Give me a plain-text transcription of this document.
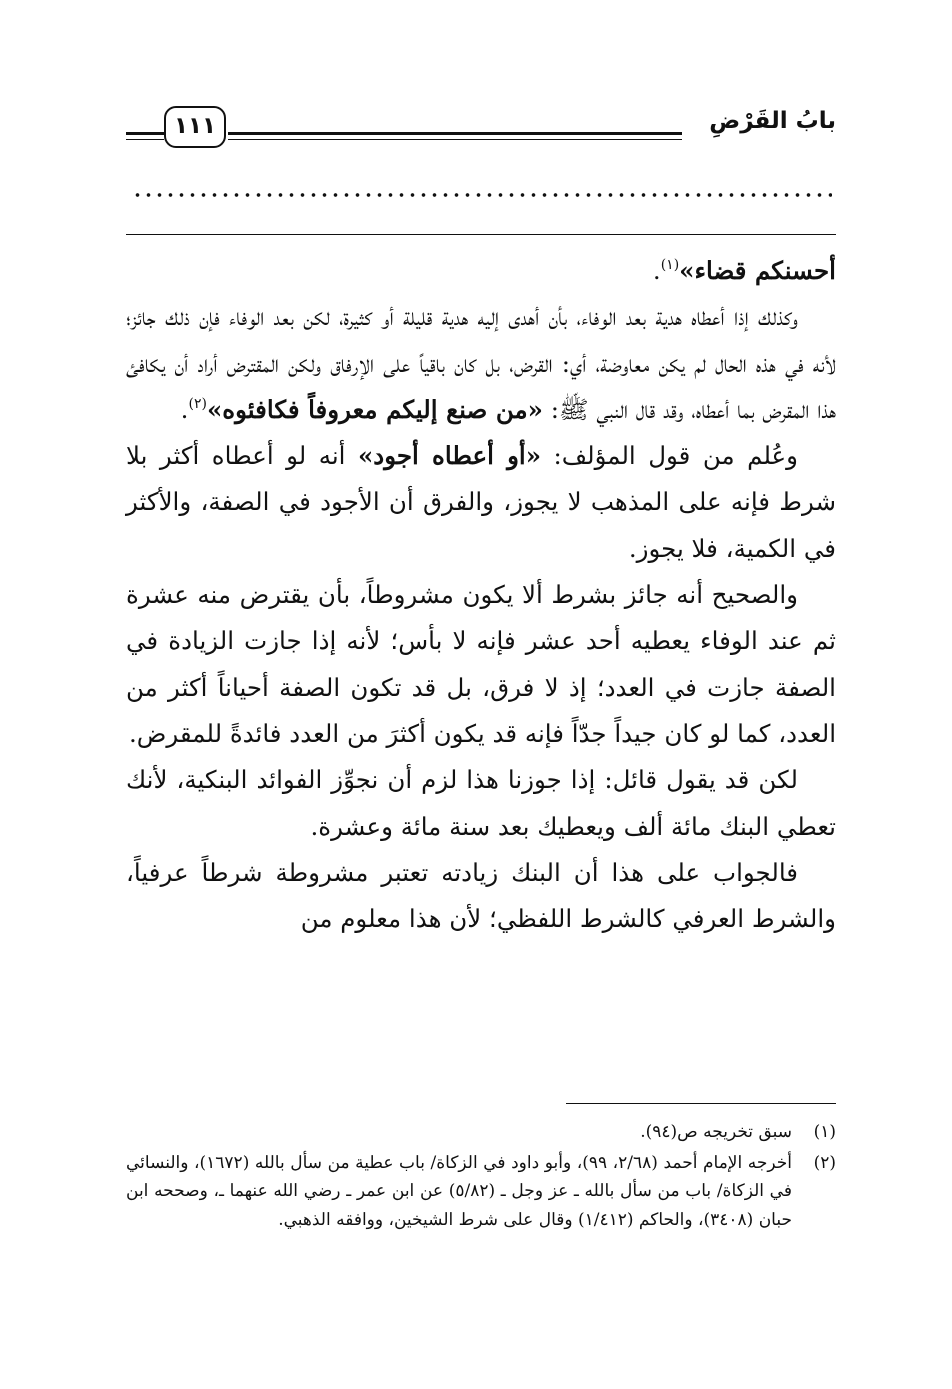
بابُ القَرْضِ
١١١

أحسنكم قضاء»$^{(١)}$.

وكذلك إذا أعطاه هدية بعد الوفاء، بأن أهدى إليه هدية قليلة أو كثيرة، لكن بعد الوفاء فإن ذلك جائز؛ لأنه في هذه الحال لم يكن معاوضة، أي: القرض، بل كان باقياً على الإرفاق ولكن المقترض أراد أن يكافئ هذا المقرض بما أعطاه، وقد قال النبي ﷺ: «من صنع إليكم معروفاً فكافئوه»$^{(٢)}$.

وعُلم من قول المؤلف: «أو أعطاه أجود» أنه لو أعطاه أكثر بلا شرط فإنه على المذهب لا يجوز، والفرق أن الأجود في الصفة، والأكثر في الكمية، فلا يجوز.

والصحيح أنه جائز بشرط ألا يكون مشروطاً، بأن يقترض منه عشرة ثم عند الوفاء يعطيه أحد عشر فإنه لا بأس؛ لأنه إذا جازت الزيادة في الصفة جازت في العدد؛ إذ لا فرق، بل قد تكون الصفة أحياناً أكثر من العدد، كما لو كان جيداً جدّاً فإنه قد يكون أكثرَ من العدد فائدةً للمقرض.

لكن قد يقول قائل: إذا جوزنا هذا لزم أن نجوِّز الفوائد البنكية، لأنك تعطي البنك مائة ألف ويعطيك بعد سنة مائة وعشرة.

فالجواب على هذا أن البنك زيادته تعتبر مشروطة شرطاً عرفياً، والشرط العرفي كالشرط اللفظي؛ لأن هذا معلوم من

(١)
سبق تخريجه ص(٩٤).
(٢)
أخرجه الإمام أحمد (٢/٦٨، ٩٩)، وأبو داود في الزكاة/ باب عطية من سأل بالله (١٦٧٢)، والنسائي في الزكاة/ باب من سأل بالله ـ عز وجل ـ (٥/٨٢) عن ابن عمر ـ رضي الله عنهما ـ، وصححه ابن حبان (٣٤٠٨)، والحاكم (١/٤١٢) وقال على شرط الشيخين، ووافقه الذهبي.
